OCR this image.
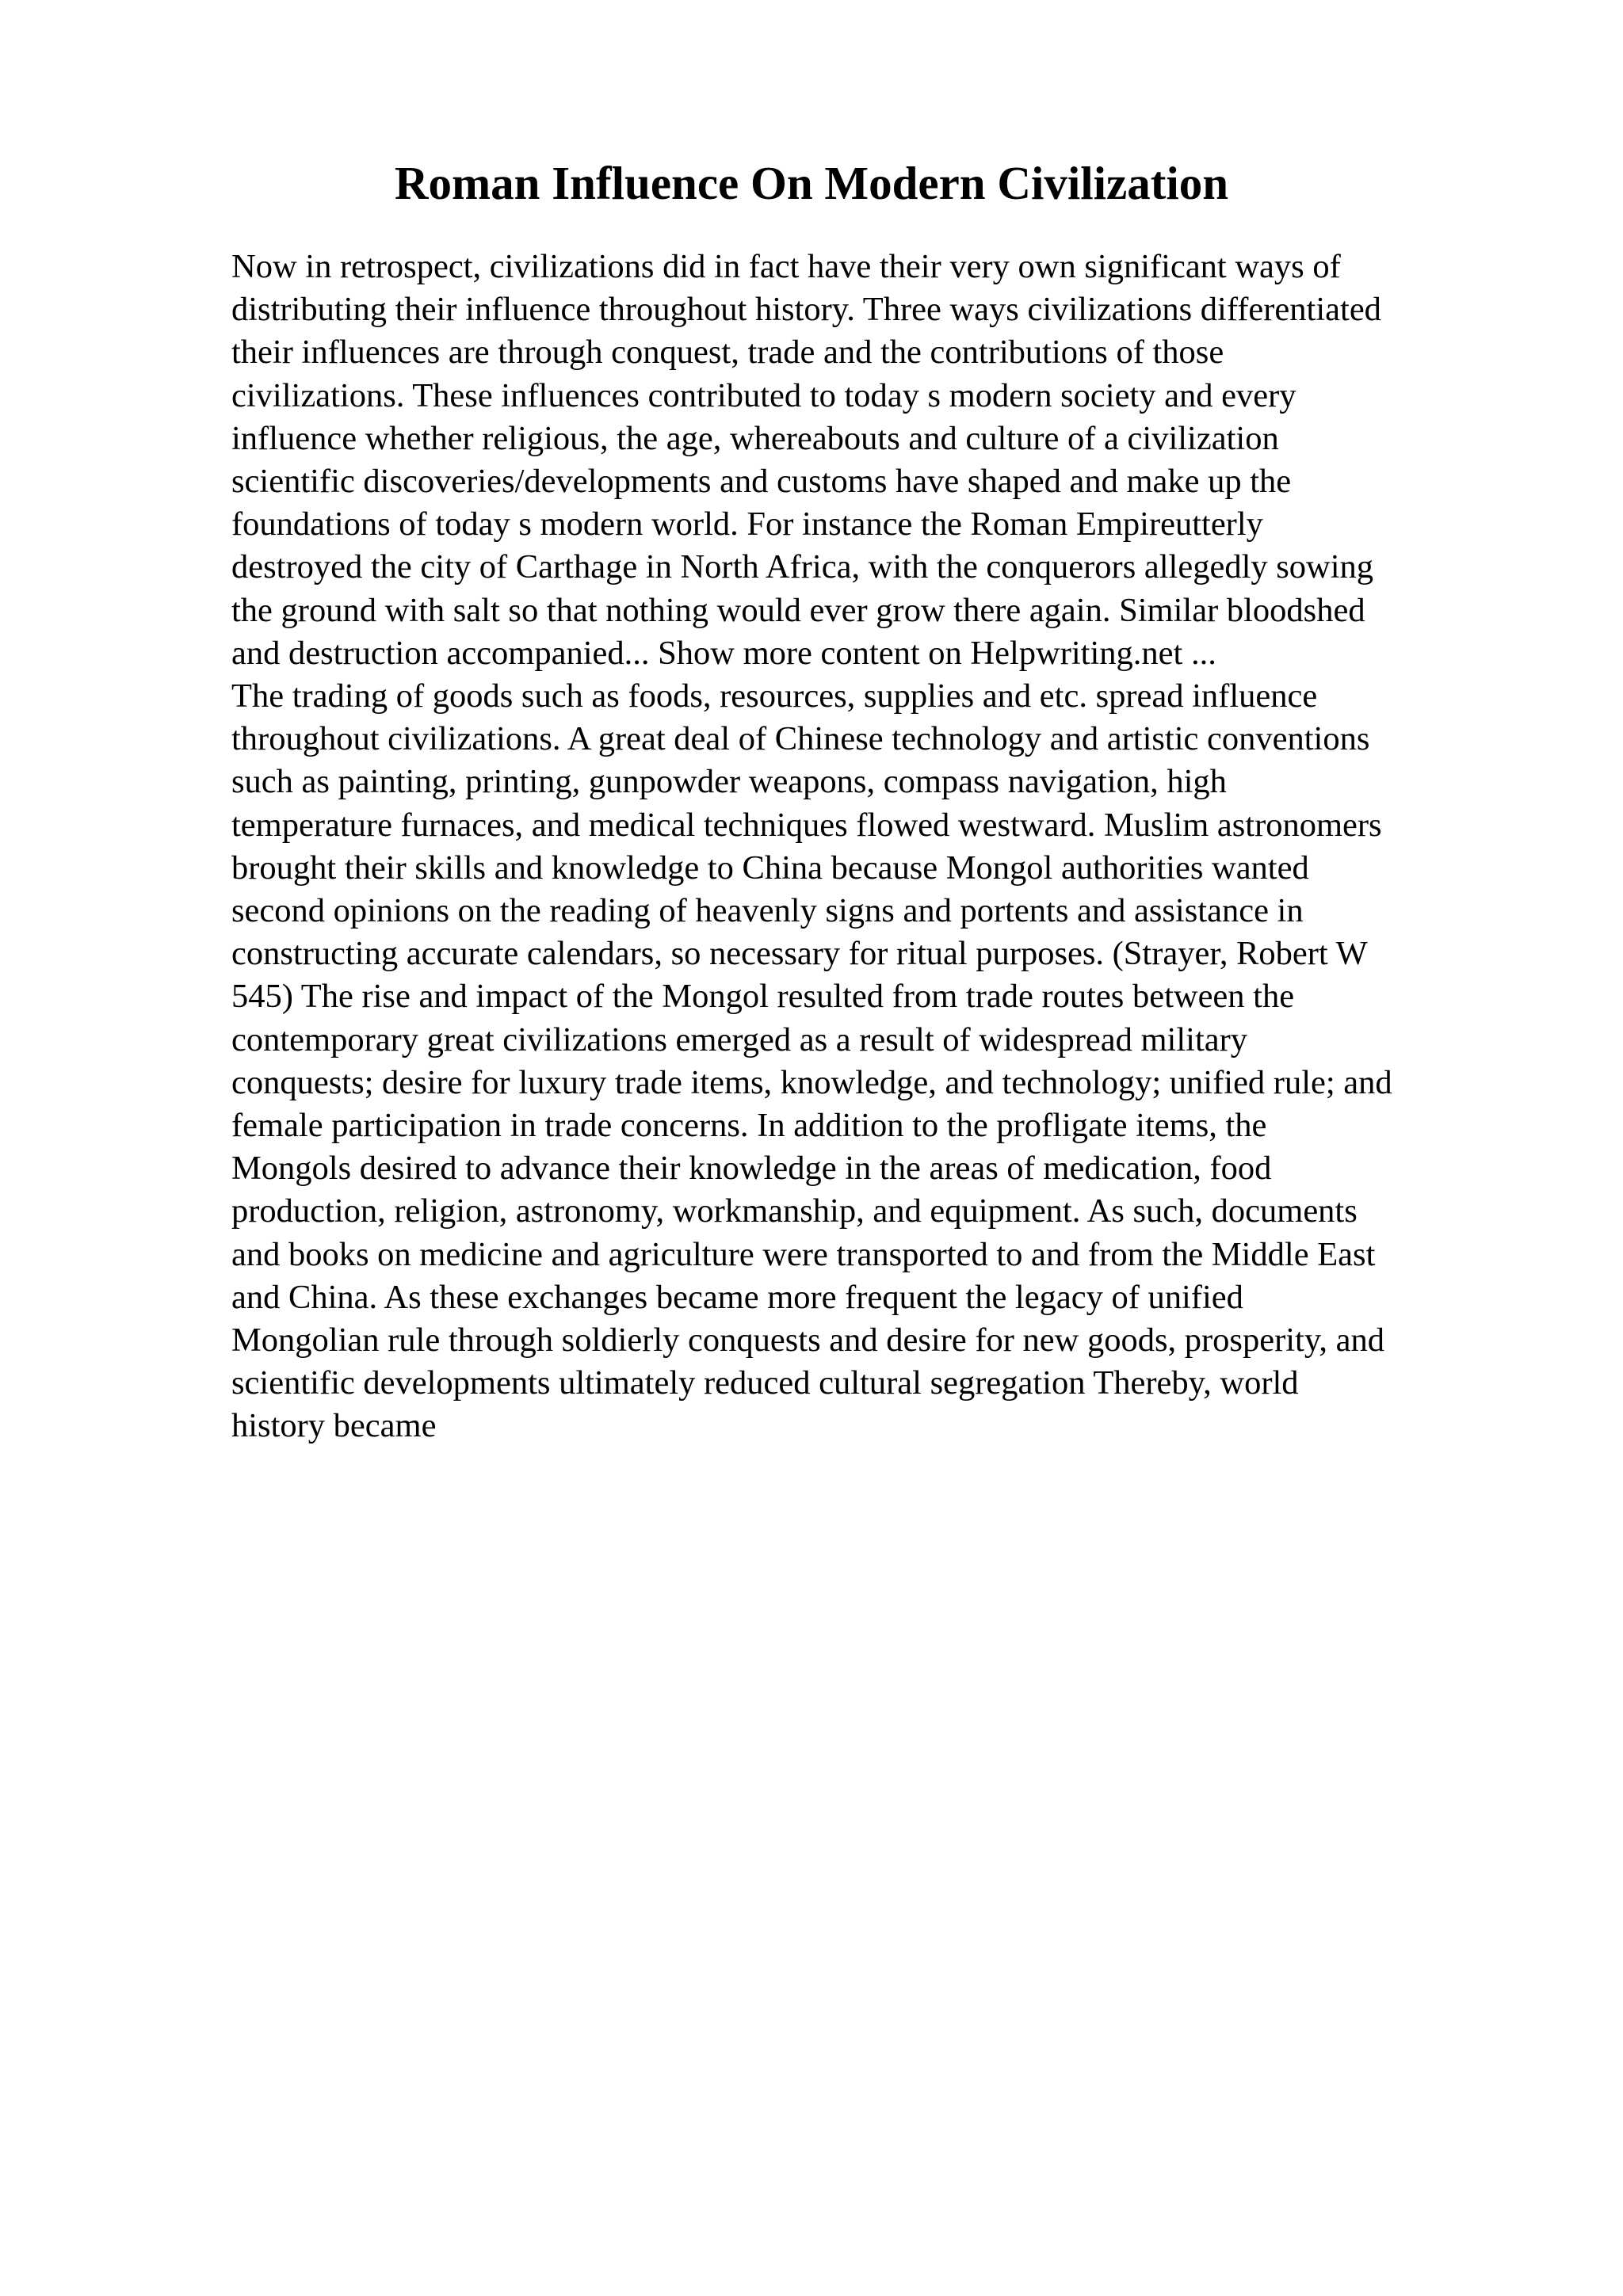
Roman Influence On Modern Civilization
Now in retrospect, civilizations did in fact have their very own significant ways of
distributing their influence throughout history. Three ways civilizations differentiated
their influences are through conquest, trade and the contributions of those
civilizations. These influences contributed to today s modern society and every
influence whether religious, the age, whereabouts and culture of a civilization
scientific discoveries/developments and customs have shaped and make up the
foundations of today s modern world. For instance the Roman Empireutterly
destroyed the city of Carthage in North Africa, with the conquerors allegedly sowing
the ground with salt so that nothing would ever grow there again. Similar bloodshed
and destruction accompanied... Show more content on Helpwriting.net ...
The trading of goods such as foods, resources, supplies and etc. spread influence
throughout civilizations. A great deal of Chinese technology and artistic conventions
such as painting, printing, gunpowder weapons, compass navigation, high
temperature furnaces, and medical techniques flowed westward. Muslim astronomers
brought their skills and knowledge to China because Mongol authorities wanted
second opinions on the reading of heavenly signs and portents and assistance in
constructing accurate calendars, so necessary for ritual purposes. (Strayer, Robert W
545) The rise and impact of the Mongol resulted from trade routes between the
contemporary great civilizations emerged as a result of widespread military
conquests; desire for luxury trade items, knowledge, and technology; unified rule; and
female participation in trade concerns. In addition to the profligate items, the
Mongols desired to advance their knowledge in the areas of medication, food
production, religion, astronomy, workmanship, and equipment. As such, documents
and books on medicine and agriculture were transported to and from the Middle East
and China. As these exchanges became more frequent the legacy of unified
Mongolian rule through soldierly conquests and desire for new goods, prosperity, and
scientific developments ultimately reduced cultural segregation Thereby, world
history became
